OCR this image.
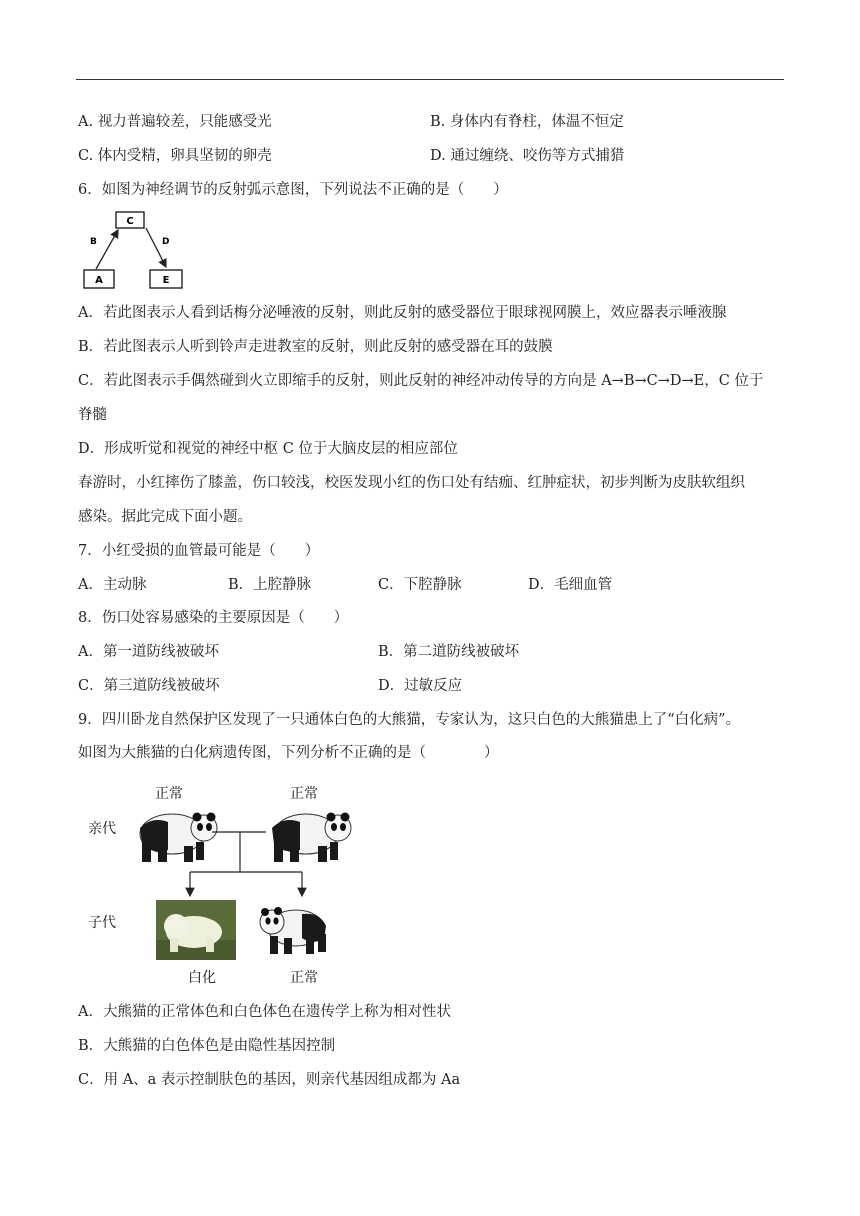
A. 视力普遍较差，只能感受光	B. 身体内有脊柱，体温不恒定
C. 体内受精，卵具坚韧的卵壳	D. 通过缠绕、咬伤等方式捕猎
6．如图为神经调节的反射弧示意图，下列说法不正确的是（　　）
C
A	E
B	D
A．若此图表示人看到话梅分泌唾液的反射，则此反射的感受器位于眼球视网膜上，效应器表示唾液腺
B．若此图表示人听到铃声走进教室的反射，则此反射的感受器在耳的鼓膜
C．若此图表示手偶然碰到火立即缩手的反射，则此反射的神经冲动传导的方向是 A→B→C→D→E，C 位于
脊髓
D．形成听觉和视觉的神经中枢 C 位于大脑皮层的相应部位
春游时，小红摔伤了膝盖，伤口较浅，校医发现小红的伤口处有结痂、红肿症状，初步判断为皮肤软组织
感染。据此完成下面小题。
7．小红受损的血管最可能是（　　）
A．主动脉	B．上腔静脉	C．下腔静脉	D．毛细血管
8．伤口处容易感染的主要原因是（　　）
A．第一道防线被破坏	B．第二道防线被破坏
C．第三道防线被破坏	D．过敏反应
9．四川卧龙自然保护区发现了一只通体白色的大熊猫，专家认为，这只白色的大熊猫患上了“白化病”。
如图为大熊猫的白化病遗传图，下列分析不正确的是（　　　　）
正常	正常
亲代
子代
白化	正常
A．大熊猫的正常体色和白色体色在遗传学上称为相对性状
B．大熊猫的白色体色是由隐性基因控制
C．用 A、a 表示控制肤色的基因，则亲代基因组成都为 Aa
